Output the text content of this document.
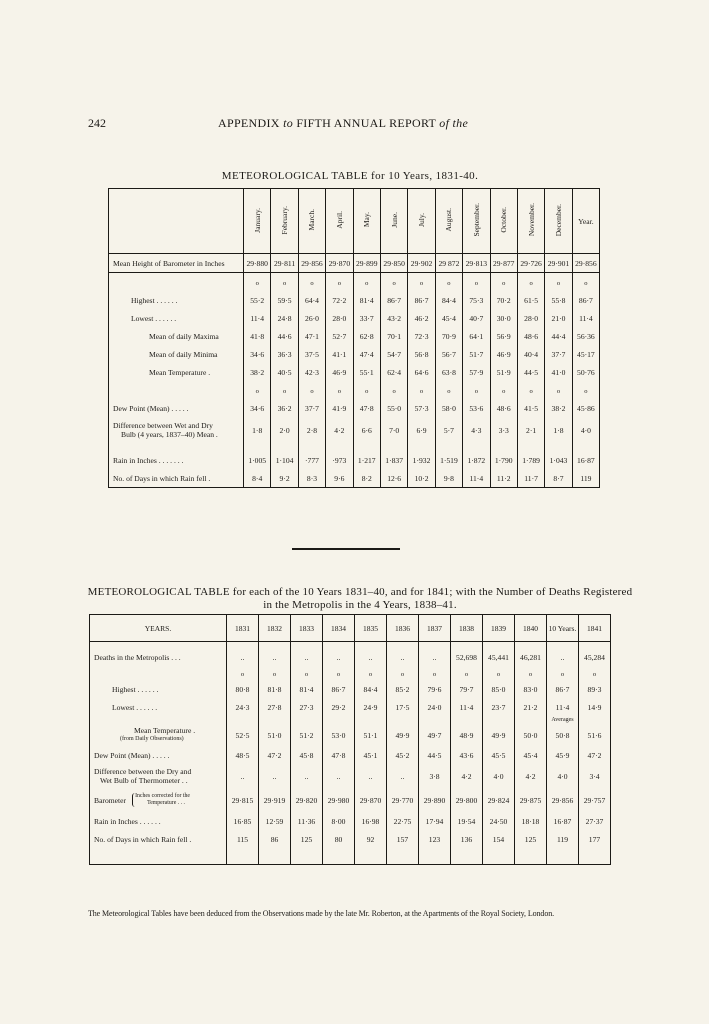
242	APPENDIX to FIFTH ANNUAL REPORT of the
METEOROLOGICAL TABLE for 10 Years, 1831-40.
	January.	February.	March.	April.	May.	June.	July.	August.	September.	October.	November.	December.	Year.
Mean Height of Barometer in Inches	29·880	29·811	29·856	29·870	29·899	29·850	29·902	29 872	29·813	29·877	29·726	29·901	29·856
	o	o	o	o	o	o	o	o	o	o	o	o	o
Highest . . . . . .	55·2	59·5	64·4	72·2	81·4	86·7	86·7	84·4	75·3	70·2	61·5	55·8	86·7
Lowest . . . . . .	11·4	24·8	26·0	28·0	33·7	43·2	46·2	45·4	40·7	30·0	28·0	21·0	11·4
Mean of daily Maxima	41·8	44·6	47·1	52·7	62·8	70·1	72·3	70·9	64·1	56·9	48·6	44·4	56·36
Mean of daily Minima	34·6	36·3	37·5	41·1	47·4	54·7	56·8	56·7	51·7	46·9	40·4	37·7	45·17
Mean Temperature .	38·2	40·5	42·3	46·9	55·1	62·4	64·6	63·8	57·9	51·9	44·5	41·0	50·76
	o	o	o	o	o	o	o	o	o	o	o	o	o
Dew Point (Mean) . . . . .	34·6	36·2	37·7	41·9	47·8	55·0	57·3	58·0	53·6	48·6	41·5	38·2	45·86

Difference between Wet and Dry
Bulb (4 years, 1837–40) Mean .	1·8	2·0	2·8	4·2	6·6	7·0	6·9	5·7	4·3	3·3	2·1	1·8	4·0

Rain in Inches . . . . . . .	1·005	1·104	·777	·973	1·217	1·837	1·932	1·519	1·872	1·790	1·789	1·043	16·87
No. of Days in which Rain fell .	8·4	9·2	8·3	9·6	8·2	12·6	10·2	9·8	11·4	11·2	11·7	8·7	119
METEOROLOGICAL TABLE for each of the 10 Years 1831–40, and for 1841; with the Number of Deaths Registered
in the Metropolis in the 4 Years, 1838–41.
YEARS.	1831	1832	1833	1834	1835	1836	1837	1838	1839	1840	10 Years.	1841

Deaths in the Metropolis . . .	..	..	..	..	..	..	..	52,698	45,441	46,281	..	45,284
	o	o	o	o	o	o	o	o	o	o	o	o
Highest . . . . . .	80·8	81·8	81·4	86·7	84·4	85·2	79·6	79·7	85·0	83·0	86·7	89·3
Lowest . . . . . .	24·3	27·8	27·3	29·2	24·9	17·5	24·0	11·4	23·7	21·2	11·4	14·9
											Averages	

Mean Temperature .
(from Daily Observations)	52·5	51·0	51·2	53·0	51·1	49·9	49·7	48·9	49·9	50·0	50·8	51·6
Dew Point (Mean) . . . . .	48·5	47·2	45·8	47·8	45·1	45·2	44·5	43·6	45·5	45·4	45·9	47·2

Difference between the Dry and
Wet Bulb of Thermometer . .	..	..	..	..	..	..	3·8	4·2	4·0	4·2	4·0	3·4

Barometer Inches corrected for the
Temperature . . .	29·815	29·919	29·820	29·980	29·870	29·770	29·890	29·800	29·824	29·875	29·856	29·757
Rain in Inches . . . . . .	16·85	12·59	11·36	8·00	16·98	22·75	17·94	19·54	24·50	18·18	16·87	27·37
No. of Days in which Rain fell .	115	86	125	80	92	157	123	136	154	125	119	177

The Meteorological Tables have been deduced from the Observations made by the late Mr. Roberton, at the Apartments of the Royal Society, London.
